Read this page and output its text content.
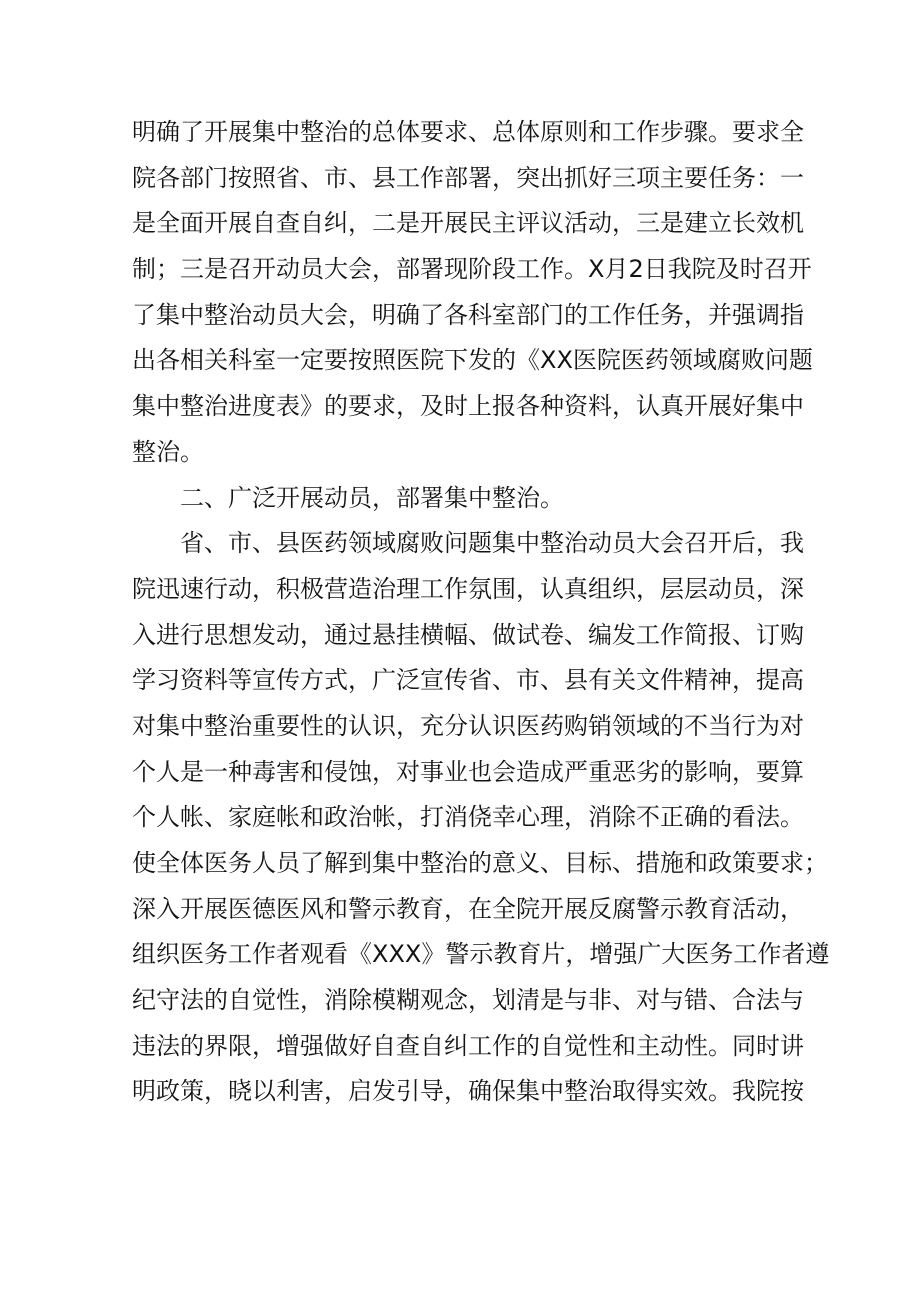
明确了开展集中整治的总体要求、总体原则和工作步骤。要求全
院各部门按照省、市、县工作部署，突出抓好三项主要任务：一
是全面开展自查自纠，二是开展民主评议活动，三是建立长效机
制；三是召开动员大会，部署现阶段工作。X月2日我院及时召开
了集中整治动员大会，明确了各科室部门的工作任务，并强调指
出各相关科室一定要按照医院下发的《XX医院医药领域腐败问题
集中整治进度表》的要求，及时上报各种资料，认真开展好集中
整治。
二、广泛开展动员，部署集中整治。
省、市、县医药领域腐败问题集中整治动员大会召开后，我
院迅速行动，积极营造治理工作氛围，认真组织，层层动员，深
入进行思想发动，通过悬挂横幅、做试卷、编发工作简报、订购
学习资料等宣传方式，广泛宣传省、市、县有关文件精神，提高
对集中整治重要性的认识，充分认识医药购销领域的不当行为对
个人是一种毒害和侵蚀，对事业也会造成严重恶劣的影响，要算
个人帐、家庭帐和政治帐，打消侥幸心理，消除不正确的看法。
使全体医务人员了解到集中整治的意义、目标、措施和政策要求；
深入开展医德医风和警示教育，在全院开展反腐警示教育活动，
组织医务工作者观看《XXX》警示教育片，增强广大医务工作者遵
纪守法的自觉性，消除模糊观念，划清是与非、对与错、合法与
违法的界限，增强做好自查自纠工作的自觉性和主动性。同时讲
明政策，晓以利害，启发引导，确保集中整治取得实效。我院按
